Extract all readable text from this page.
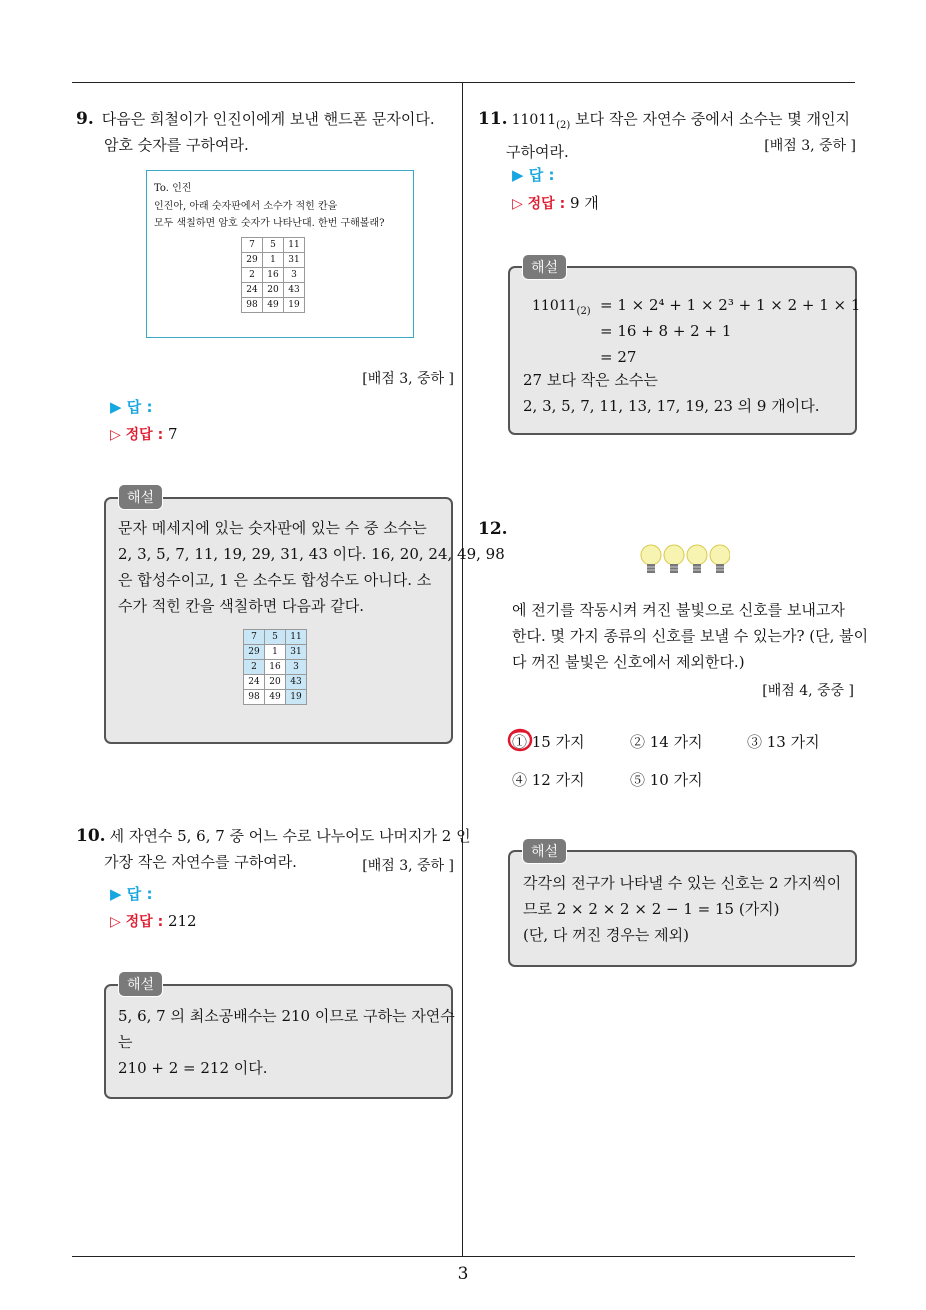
3
9. 다음은 희철이가 인진이에게 보낸 핸드폰 문자이다.
암호 숫자를 구하여라.
To. 인진
인진아, 아래 숫자판에서 소수가 적힌 칸을
모두 색칠하면 암호 숫자가 나타난대. 한번 구해볼래?
7	5	11
29	1	31
2	16	3
24	20	43
98	49	19
[배점 3, 중하 ]
▶ 답 :
▷ 정답 : 7
문자 메세지에 있는 숫자판에 있는 수 중 소수는
2, 3, 5, 7, 11, 19, 29, 31, 43 이다. 16, 20, 24, 49, 98
은 합성수이고, 1 은 소수도 합성수도 아니다. 소
수가 적힌 칸을 색칠하면 다음과 같다.
7	5	11
29	1	31
2	16	3
24	20	43
98	49	19
해설
10. 세 자연수 5, 6, 7 중 어느 수로 나누어도 나머지가 2 인
가장 작은 자연수를 구하여라.	[배점 3, 중하 ]
▶ 답 :
▷ 정답 : 212
5, 6, 7 의 최소공배수는 210 이므로 구하는 자연수
는
210 + 2 = 212 이다.
해설
11. $11011_{(2)}$ 보다 작은 자연수 중에서 소수는 몇 개인지
구하여라.	[배점 3, 중하 ]
▶ 답 :
▷ 정답 : 9 개
$11011_{(2)} = 1 \times 2^4 + 1 \times 2^3 + 1 \times 2 + 1 \times 1$
= 16 + 8 + 2 + 1
= 27
27 보다 작은 소수는
2, 3, 5, 7, 11, 13, 17, 19, 23 의 9 개이다.
해설
12.
에 전기를 작동시켜 켜진 불빛으로 신호를 보내고자
한다. 몇 가지 종류의 신호를 보낼 수 있는가? (단, 불이
다 꺼진 불빛은 신호에서 제외한다.)
[배점 4, 중중 ]
① 15 가지	② 14 가지	③ 13 가지
④ 12 가지	⑤ 10 가지
각각의 전구가 나타낼 수 있는 신호는 2 가지씩이
므로 2 × 2 × 2 × 2 − 1 = 15 (가지)
(단, 다 꺼진 경우는 제외)
해설
